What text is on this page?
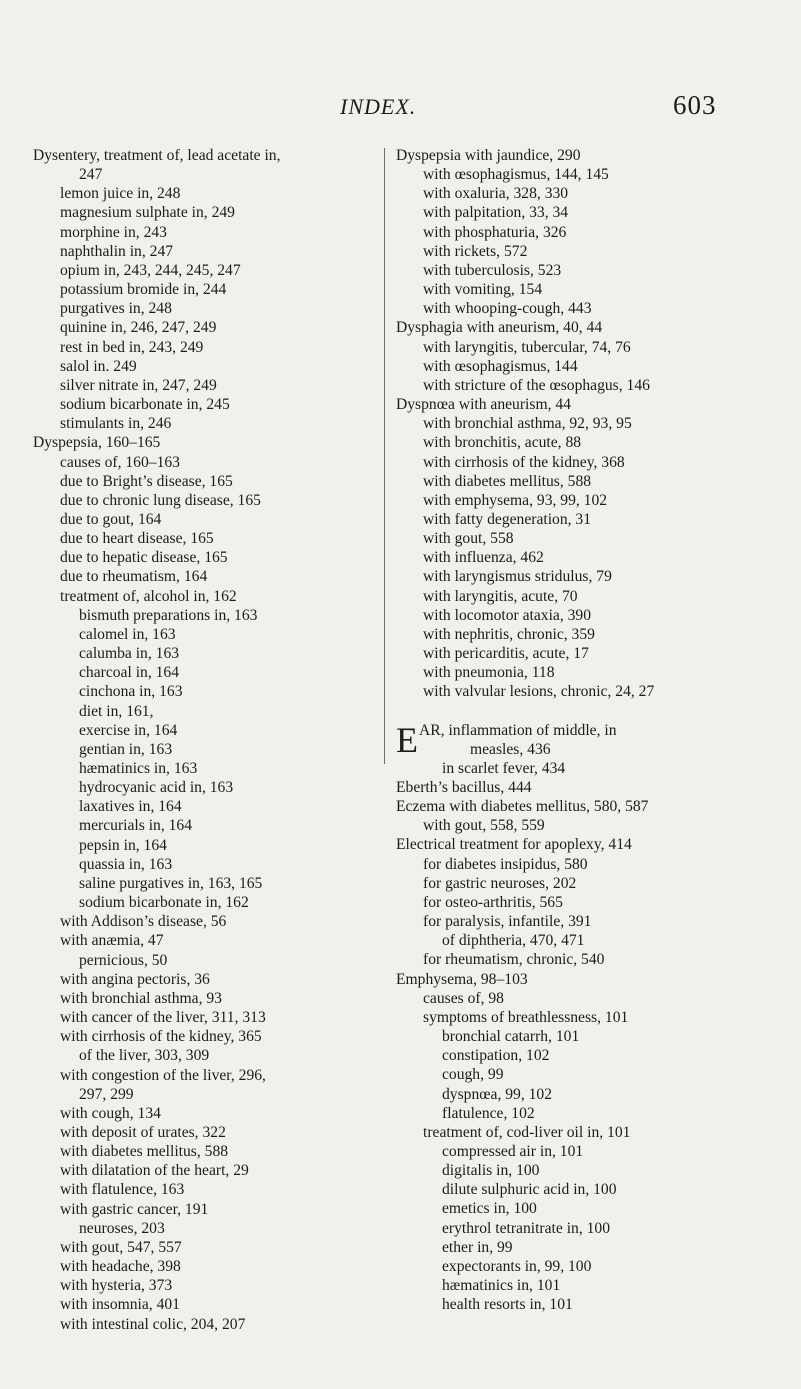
INDEX.	603
Dysentery, treatment of, lead acetate in,
247
lemon juice in, 248
magnesium sulphate in, 249
morphine in, 243
naphthalin in, 247
opium in, 243, 244, 245, 247
potassium bromide in, 244
purgatives in, 248
quinine in, 246, 247, 249
rest in bed in, 243, 249
salol in. 249
silver nitrate in, 247, 249
sodium bicarbonate in, 245
stimulants in, 246
Dyspepsia, 160–165
causes of, 160–163
due to Bright’s disease, 165
due to chronic lung disease, 165
due to gout, 164
due to heart disease, 165
due to hepatic disease, 165
due to rheumatism, 164
treatment of, alcohol in, 162
bismuth preparations in, 163
calomel in, 163
calumba in, 163
charcoal in, 164
cinchona in, 163
diet in, 161,
exercise in, 164
gentian in, 163
hæmatinics in, 163
hydrocyanic acid in, 163
laxatives in, 164
mercurials in, 164
pepsin in, 164
quassia in, 163
saline purgatives in, 163, 165
sodium bicarbonate in, 162
with Addison’s disease, 56
with anæmia, 47
pernicious, 50
with angina pectoris, 36
with bronchial asthma, 93
with cancer of the liver, 311, 313
with cirrhosis of the kidney, 365
of the liver, 303, 309
with congestion of the liver, 296,
297, 299
with cough, 134
with deposit of urates, 322
with diabetes mellitus, 588
with dilatation of the heart, 29
with flatulence, 163
with gastric cancer, 191
neuroses, 203
with gout, 547, 557
with headache, 398
with hysteria, 373
with insomnia, 401
with intestinal colic, 204, 207
Dyspepsia with jaundice, 290
with œsophagismus, 144, 145
with oxaluria, 328, 330
with palpitation, 33, 34
with phosphaturia, 326
with rickets, 572
with tuberculosis, 523
with vomiting, 154
with whooping-cough, 443
Dysphagia with aneurism, 40, 44
with laryngitis, tubercular, 74, 76
with œsophagismus, 144
with stricture of the œsophagus, 146
Dyspnœa with aneurism, 44
with bronchial asthma, 92, 93, 95
with bronchitis, acute, 88
with cirrhosis of the kidney, 368
with diabetes mellitus, 588
with emphysema, 93, 99, 102
with fatty degeneration, 31
with gout, 558
with influenza, 462
with laryngismus stridulus, 79
with laryngitis, acute, 70
with locomotor ataxia, 390
with nephritis, chronic, 359
with pericarditis, acute, 17
with pneumonia, 118
with valvular lesions, chronic, 24, 27
EAR, inflammation of middle, in
measles, 436
in scarlet fever, 434
Eberth’s bacillus, 444
Eczema with diabetes mellitus, 580, 587
with gout, 558, 559
Electrical treatment for apoplexy, 414
for diabetes insipidus, 580
for gastric neuroses, 202
for osteo-arthritis, 565
for paralysis, infantile, 391
of diphtheria, 470, 471
for rheumatism, chronic, 540
Emphysema, 98–103
causes of, 98
symptoms of breathlessness, 101
bronchial catarrh, 101
constipation, 102
cough, 99
dyspnœa, 99, 102
flatulence, 102
treatment of, cod-liver oil in, 101
compressed air in, 101
digitalis in, 100
dilute sulphuric acid in, 100
emetics in, 100
erythrol tetranitrate in, 100
ether in, 99
expectorants in, 99, 100
hæmatinics in, 101
health resorts in, 101
